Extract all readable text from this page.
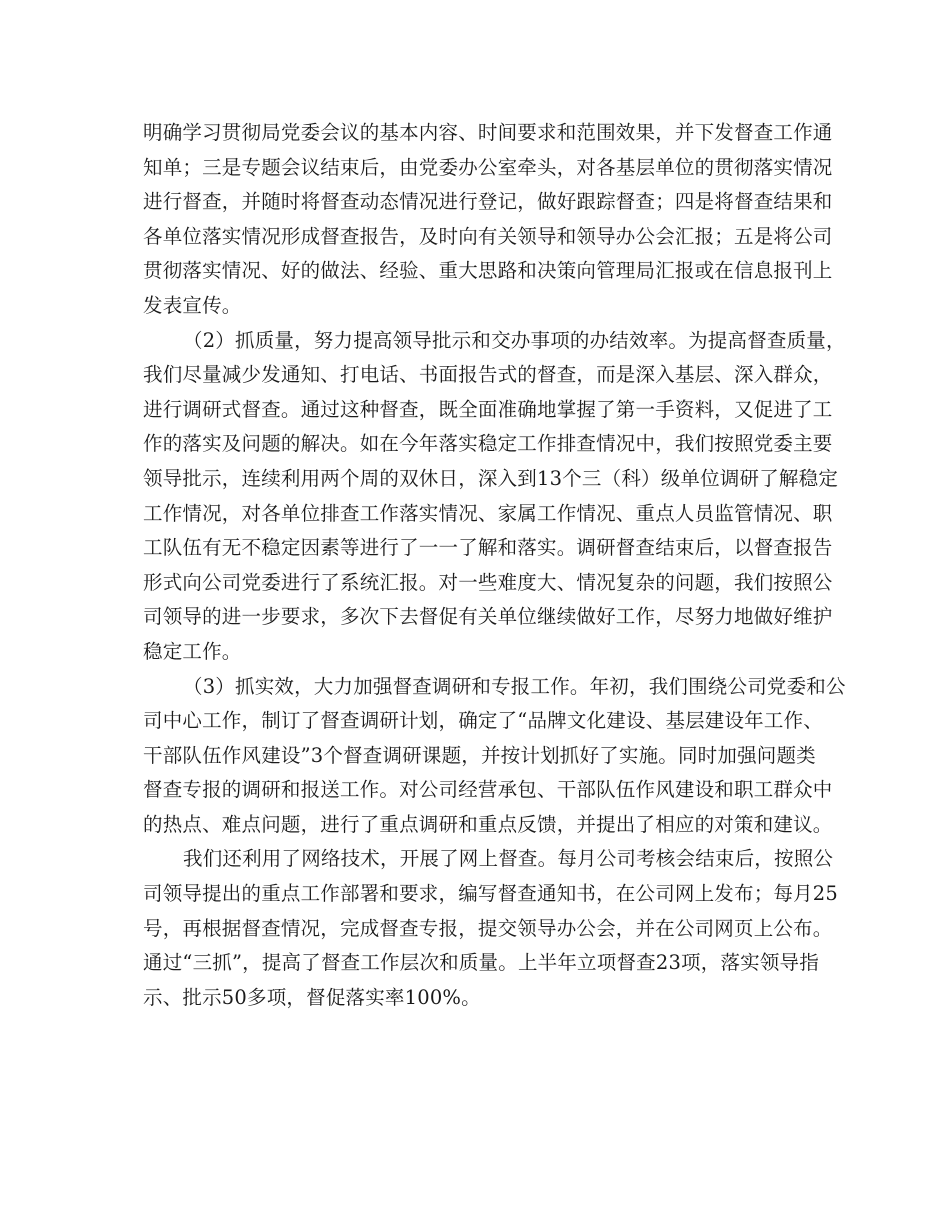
明确学习贯彻局党委会议的基本内容、时间要求和范围效果，并下发督查工作通
知单；三是专题会议结束后，由党委办公室牵头，对各基层单位的贯彻落实情况
进行督查，并随时将督查动态情况进行登记，做好跟踪督查；四是将督查结果和
各单位落实情况形成督查报告，及时向有关领导和领导办公会汇报；五是将公司
贯彻落实情况、好的做法、经验、重大思路和决策向管理局汇报或在信息报刊上
发表宣传。
（2）抓质量，努力提高领导批示和交办事项的办结效率。为提高督查质量，
我们尽量减少发通知、打电话、书面报告式的督查，而是深入基层、深入群众，
进行调研式督查。通过这种督查，既全面准确地掌握了第一手资料，又促进了工
作的落实及问题的解决。如在今年落实稳定工作排查情况中，我们按照党委主要
领导批示，连续利用两个周的双休日，深入到13个三（科）级单位调研了解稳定
工作情况，对各单位排查工作落实情况、家属工作情况、重点人员监管情况、职
工队伍有无不稳定因素等进行了一一了解和落实。调研督查结束后，以督查报告
形式向公司党委进行了系统汇报。对一些难度大、情况复杂的问题，我们按照公
司领导的进一步要求，多次下去督促有关单位继续做好工作，尽努力地做好维护
稳定工作。
（3）抓实效，大力加强督查调研和专报工作。年初，我们围绕公司党委和公
司中心工作，制订了督查调研计划，确定了“品牌文化建设、基层建设年工作、
干部队伍作风建设”3个督查调研课题，并按计划抓好了实施。同时加强问题类
督查专报的调研和报送工作。对公司经营承包、干部队伍作风建设和职工群众中
的热点、难点问题，进行了重点调研和重点反馈，并提出了相应的对策和建议。
我们还利用了网络技术，开展了网上督查。每月公司考核会结束后，按照公
司领导提出的重点工作部署和要求，编写督查通知书，在公司网上发布；每月25
号，再根据督查情况，完成督查专报，提交领导办公会，并在公司网页上公布。
通过“三抓”，提高了督查工作层次和质量。上半年立项督查23项，落实领导指
示、批示50多项，督促落实率100%。
